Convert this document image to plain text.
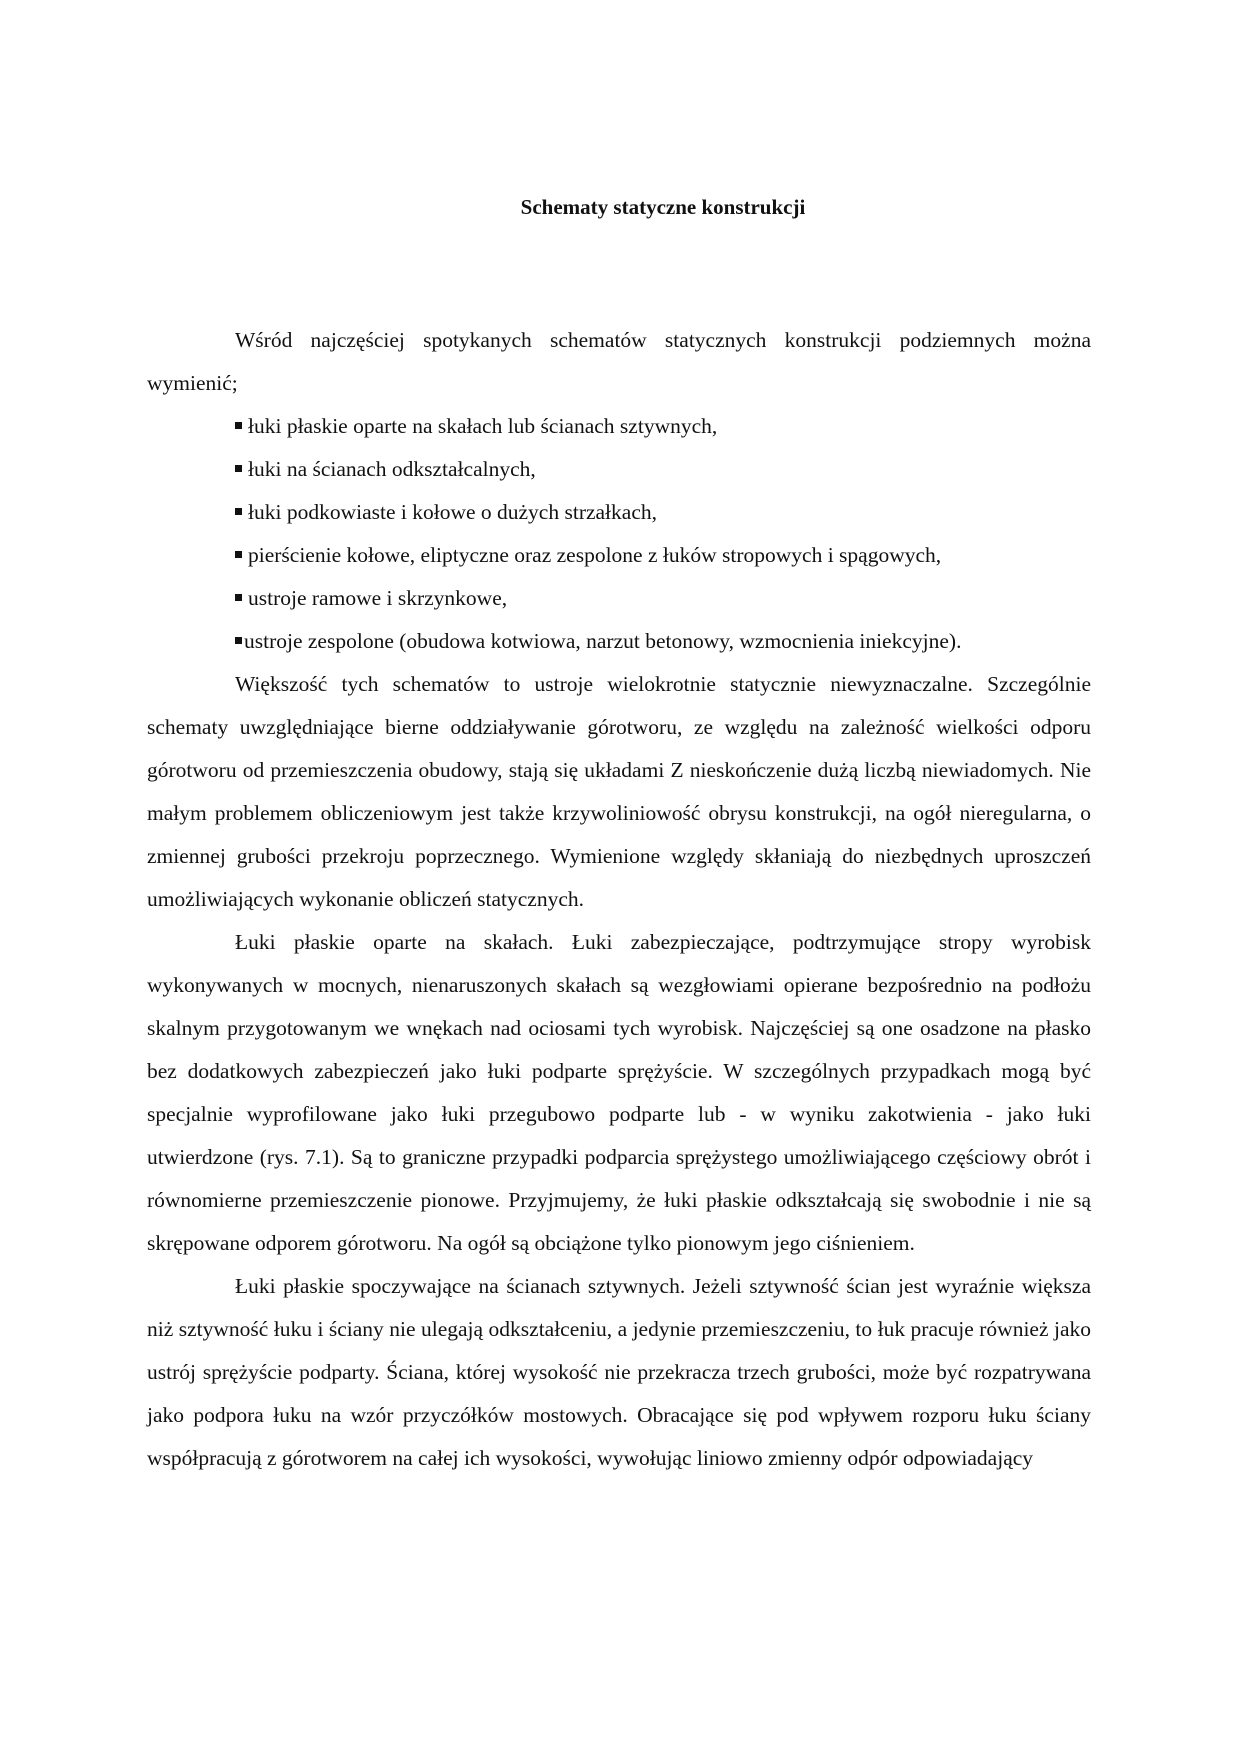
Schematy statyczne konstrukcji

Wśród najczęściej spotykanych schematów statycznych konstrukcji podziemnych można wymienić;

łuki płaskie oparte na skałach lub ścianach sztywnych,
łuki na ścianach odkształcalnych,
łuki podkowiaste i kołowe o dużych strzałkach,
pierścienie kołowe, eliptyczne oraz zespolone z łuków stropowych i spągowych,
ustroje ramowe i skrzynkowe,
ustroje zespolone (obudowa kotwiowa, narzut betonowy, wzmocnienia iniekcyjne).

Większość tych schematów to ustroje wielokrotnie statycznie niewyznaczalne. Szczególnie schematy uwzględniające bierne oddziaływanie górotworu, ze względu na zależność wielkości odporu górotworu od przemieszczenia obudowy, stają się układami Z nieskończenie dużą liczbą niewiadomych. Nie małym problemem obliczeniowym jest także krzywoliniowość obrysu konstrukcji, na ogół nieregularna, o zmiennej grubości przekroju poprzecznego. Wymienione względy skłaniają do niezbędnych uproszczeń umożliwiających wykonanie obliczeń statycznych.

Łuki płaskie oparte na skałach. Łuki zabezpieczające, podtrzymujące stropy wyrobisk wykonywanych w mocnych, nienaruszonych skałach są wezgłowiami opierane bezpośrednio na podłożu skalnym przygotowanym we wnękach nad ociosami tych wyrobisk. Najczęściej są one osadzone na płasko bez dodatkowych zabezpieczeń jako łuki podparte sprężyście. W szczególnych przypadkach mogą być specjalnie wyprofilowane jako łuki przegubowo podparte lub - w wyniku zakotwienia - jako łuki utwierdzone (rys. 7.1). Są to graniczne przypadki podparcia sprężystego umożliwiającego częściowy obrót i równomierne przemieszczenie pionowe. Przyjmujemy, że łuki płaskie odkształcają się swobodnie i nie są skrępowane odporem górotworu. Na ogół są obciążone tylko pionowym jego ciśnieniem.

Łuki płaskie spoczywające na ścianach sztywnych. Jeżeli sztywność ścian jest wyraźnie większa niż sztywność łuku i ściany nie ulegają odkształceniu, a jedynie przemieszczeniu, to łuk pracuje również jako ustrój sprężyście podparty. Ściana, której wysokość nie przekracza trzech grubości, może być rozpatrywana jako podpora łuku na wzór przyczółków mostowych. Obracające się pod wpływem rozporu łuku ściany współpracują z górotworem na całej ich wysokości, wywołując liniowo zmienny odpór odpowiadający
